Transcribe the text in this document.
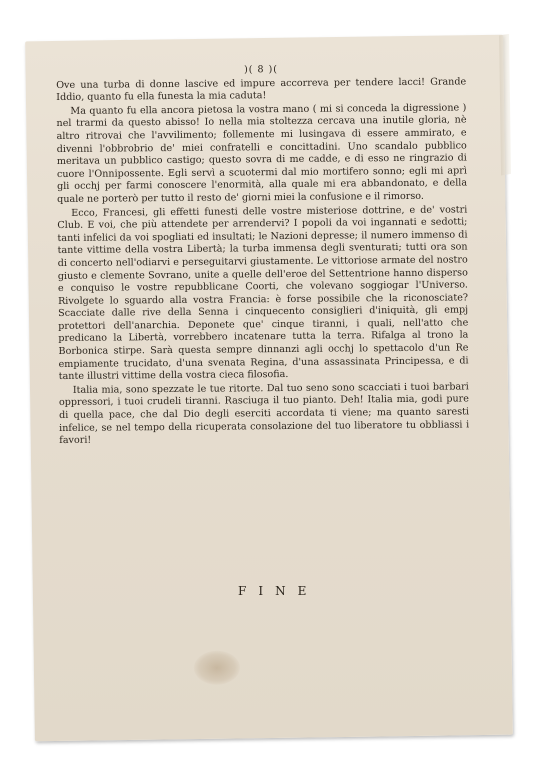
)( 8 )(

Ove una turba di donne lascive ed impure accorreva per tendere lacci! Grande Iddio, quanto fu ella funesta la mia caduta!

Ma quanto fu ella ancora pietosa la vostra mano ( mi si conceda la digressione ) nel trarmi da questo abisso! Io nella mia stoltezza cercava una inutile gloria, nè altro ritrovai che l'avvilimento; follemente mi lusingava di essere ammirato, e divenni l'obbrobrio de' miei confratelli e concittadini. Uno scandalo pubblico meritava un pubblico castigo; questo sovra di me cadde, e di esso ne ringrazio di cuore l'Onnipossente. Egli servì a scuotermi dal mio mortifero sonno; egli mi aprì gli occhj per farmi conoscere l'enormità, alla quale mi era abbandonato, e della quale ne porterò per tutto il resto de' giorni miei la confusione e il rimorso.

Ecco, Francesi, gli effetti funesti delle vostre misteriose dottrine, e de' vostri Club. E voi, che più attendete per arrendervi? I popoli da voi ingannati e sedotti; tanti infelici da voi spogliati ed insultati; le Nazioni depresse; il numero immenso di tante vittime della vostra Libertà; la turba immensa degli sventurati; tutti ora son di concerto nell'odiarvi e perseguitarvi giustamente. Le vittoriose armate del nostro giusto e clemente Sovrano, unite a quelle dell'eroe del Settentrione hanno disperso e conquiso le vostre repubblicane Coorti, che volevano soggiogar l'Universo. Rivolgete lo sguardo alla vostra Francia: è forse possibile che la riconosciate? Scacciate dalle rive della Senna i cinquecento consiglieri d'iniquità, gli empj protettori dell'anarchia. Deponete que' cinque tiranni, i quali, nell'atto che predicano la Libertà, vorrebbero incatenare tutta la terra. Rifalga al trono la Borbonica stirpe. Sarà questa sempre dinnanzi agli occhj lo spettacolo d'un Re empiamente trucidato, d'una svenata Regina, d'una assassinata Principessa, e di tante illustri vittime della vostra cieca filosofia.

Italia mia, sono spezzate le tue ritorte. Dal tuo seno sono scacciati i tuoi barbari oppressori, i tuoi crudeli tiranni. Rasciuga il tuo pianto. Deh! Italia mia, godi pure di quella pace, che dal Dio degli eserciti accordata ti viene; ma quanto saresti infelice, se nel tempo della ricuperata consolazione del tuo liberatore tu obbliassi i favori!

FINE
